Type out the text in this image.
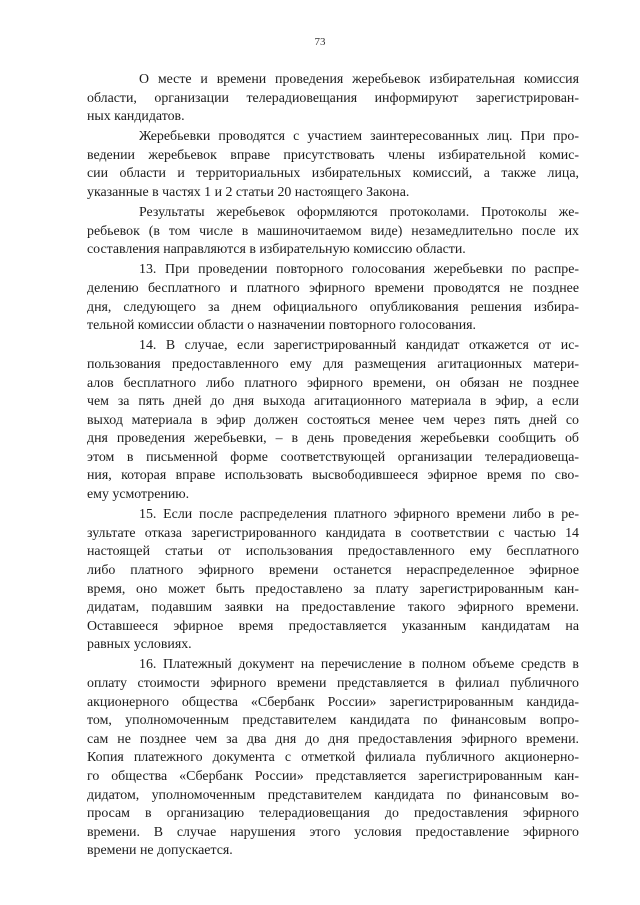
73
О месте и времени проведения жеребьевок избирательная комиссия
области, организации телерадиовещания информируют зарегистрирован-
ных кандидатов.
Жеребьевки проводятся с участием заинтересованных лиц. При про-
ведении жеребьевок вправе присутствовать члены избирательной комис-
сии области и территориальных избирательных комиссий, а также лица,
указанные в частях 1 и 2 статьи 20 настоящего Закона.
Результаты жеребьевок оформляются протоколами. Протоколы же-
ребьевок (в том числе в машиночитаемом виде) незамедлительно после их
составления направляются в избирательную комиссию области.
13. При проведении повторного голосования жеребьевки по распре-
делению бесплатного и платного эфирного времени проводятся не позднее
дня, следующего за днем официального опубликования решения избира-
тельной комиссии области о назначении повторного голосования.
14. В случае, если зарегистрированный кандидат откажется от ис-
пользования предоставленного ему для размещения агитационных матери-
алов бесплатного либо платного эфирного времени, он обязан не позднее
чем за пять дней до дня выхода агитационного материала в эфир, а если
выход материала в эфир должен состояться менее чем через пять дней со
дня проведения жеребьевки, – в день проведения жеребьевки сообщить об
этом в письменной форме соответствующей организации телерадиовеща-
ния, которая вправе использовать высвободившееся эфирное время по сво-
ему усмотрению.
15. Если после распределения платного эфирного времени либо в ре-
зультате отказа зарегистрированного кандидата в соответствии с частью 14
настоящей статьи от использования предоставленного ему бесплатного
либо платного эфирного времени останется нераспределенное эфирное
время, оно может быть предоставлено за плату зарегистрированным кан-
дидатам, подавшим заявки на предоставление такого эфирного времени.
Оставшееся эфирное время предоставляется указанным кандидатам на
равных условиях.
16. Платежный документ на перечисление в полном объеме средств в
оплату стоимости эфирного времени представляется в филиал публичного
акционерного общества «Сбербанк России» зарегистрированным кандида-
том, уполномоченным представителем кандидата по финансовым вопро-
сам не позднее чем за два дня до дня предоставления эфирного времени.
Копия платежного документа с отметкой филиала публичного акционерно-
го общества «Сбербанк России» представляется зарегистрированным кан-
дидатом, уполномоченным представителем кандидата по финансовым во-
просам в организацию телерадиовещания до предоставления эфирного
времени. В случае нарушения этого условия предоставление эфирного
времени не допускается.
